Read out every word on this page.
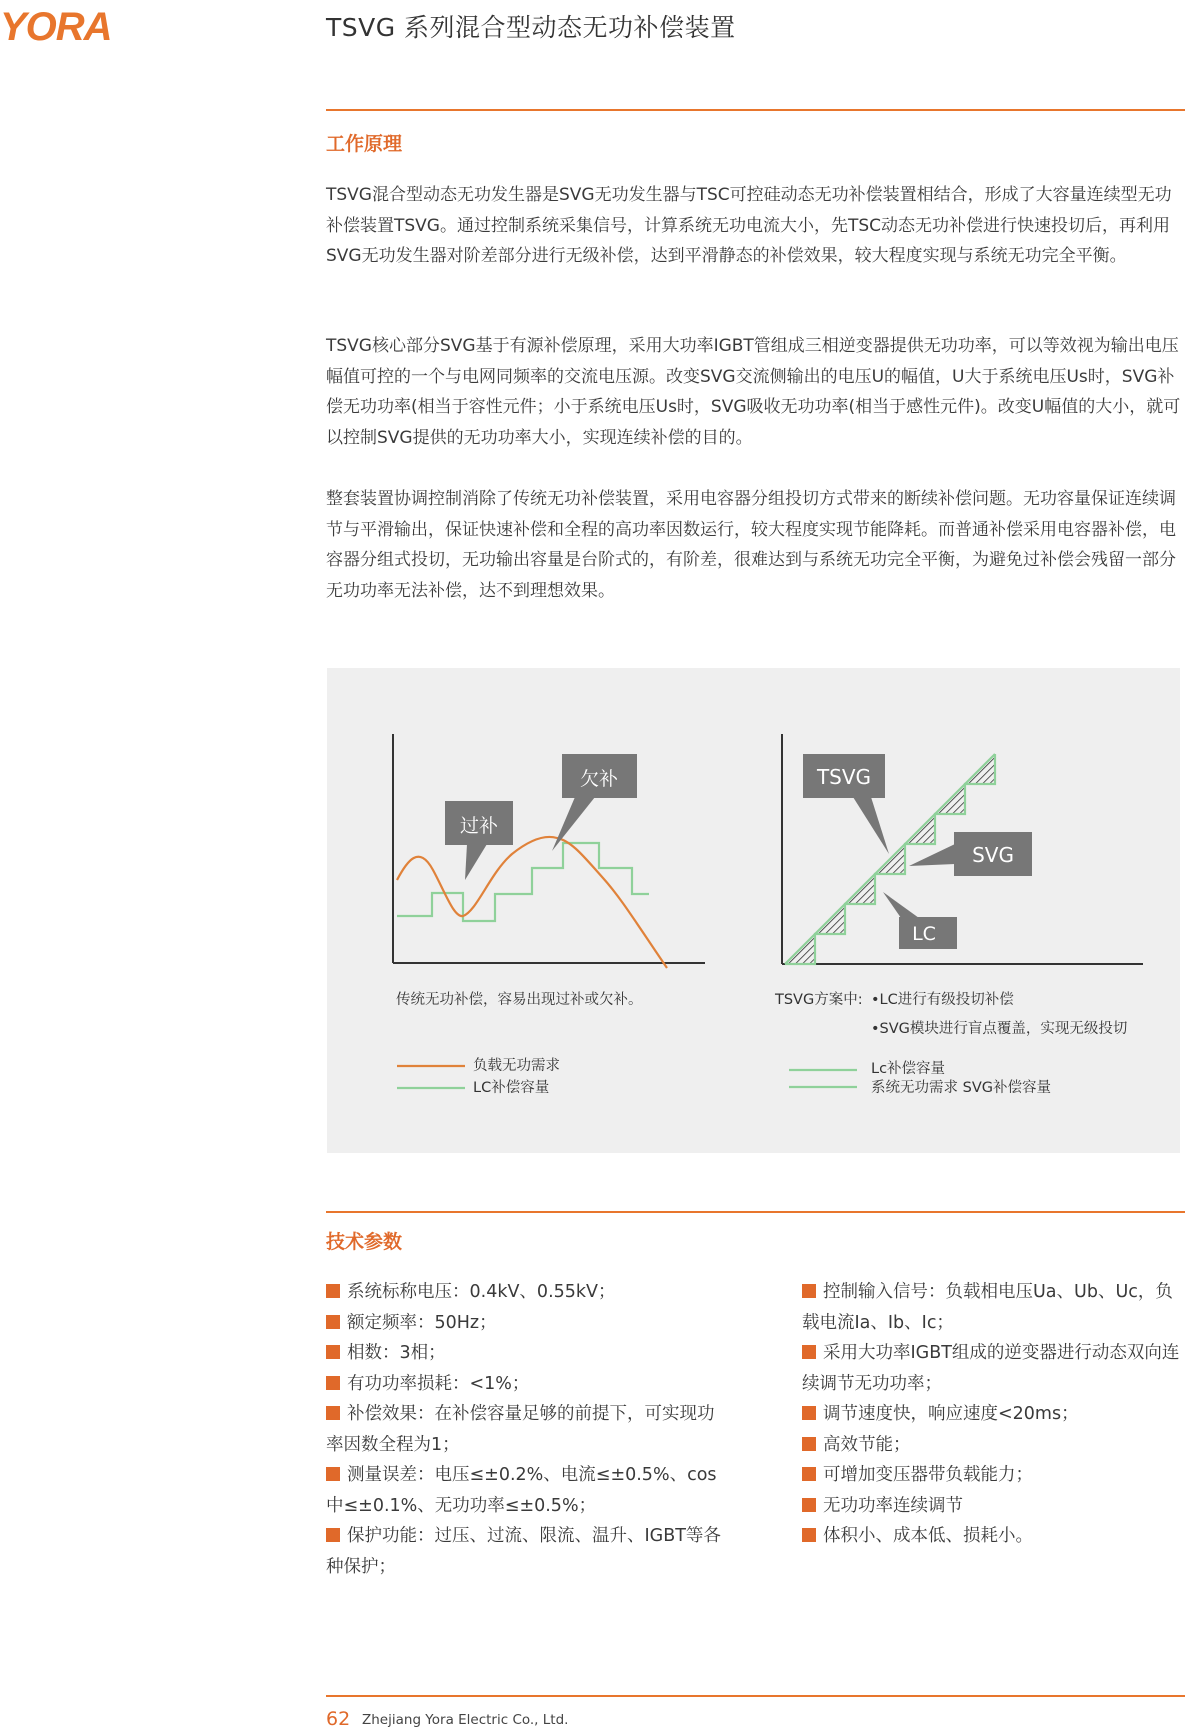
YORA	TSVG 系列混合型动态无功补偿装置
工作原理

TSVG混合型动态无功发生器是SVG无功发生器与TSC可控硅动态无功补偿装置相结合，形成了大容量连续型无功补偿装置TSVG。通过控制系统采集信号，计算系统无功电流大小，先TSC动态无功补偿进行快速投切后，再利用SVG无功发生器对阶差部分进行无级补偿，达到平滑静态的补偿效果，较大程度实现与系统无功完全平衡。

TSVG核心部分SVG基于有源补偿原理，采用大功率IGBT管组成三相逆变器提供无功功率，可以等效视为输出电压幅值可控的一个与电网同频率的交流电压源。改变SVG交流侧输出的电压U的幅值，U大于系统电压Us时，SVG补偿无功功率(相当于容性元件；小于系统电压Us时，SVG吸收无功功率(相当于感性元件)。改变U幅值的大小，就可以控制SVG提供的无功功率大小，实现连续补偿的目的。

整套装置协调控制消除了传统无功补偿装置，采用电容器分组投切方式带来的断续补偿问题。无功容量保证连续调节与平滑输出，保证快速补偿和全程的高功率因数运行，较大程度实现节能降耗。而普通补偿采用电容器补偿，电容器分组式投切，无功输出容量是台阶式的，有阶差，很难达到与系统无功完全平衡，为避免过补偿会残留一部分无功功率无法补偿，达不到理想效果。

过补
欠补	TSVG
SVG
LC
传统无功补偿，容易出现过补或欠补。
负载无功需求
LC补偿容量
TSVG方案中: •LC进行有级投切补偿
•SVG模块进行盲点覆盖，实现无级投切
Lc补偿容量
系统无功需求 SVG补偿容量
技术参数
系统标称电压：0.4kV、0.55kV；
额定频率：50Hz；
相数：3相；
有功功率损耗：<1%；
补偿效果：在补偿容量足够的前提下，可实现功率因数全程为1；
测量误差：电压≤±0.2%、电流≤±0.5%、cos中≤±0.1%、无功功率≤±0.5%；
保护功能：过压、过流、限流、温升、IGBT等各种保护；
控制输入信号：负载相电压Ua、Ub、Uc，负载电流Ia、Ib、Ic；
采用大功率IGBT组成的逆变器进行动态双向连续调节无功功率；
调节速度快，响应速度<20ms；
高效节能；
可增加变压器带负载能力；
无功功率连续调节
体积小、成本低、损耗小。
62 Zhejiang Yora Electric Co., Ltd.
